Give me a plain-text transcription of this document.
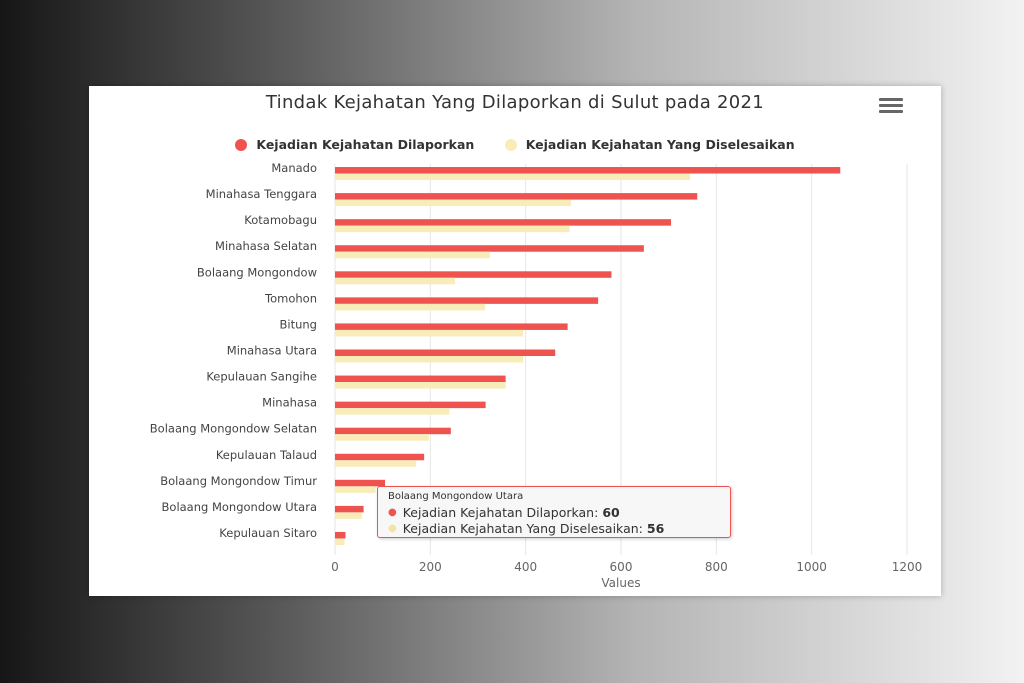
Tindak Kejahatan Yang Dilaporkan di Sulut pada 2021
Kejadian Kejahatan Dilaporkan
	Kejadian Kejahatan Yang Diselesaikan
0	200	400	600	800	1000	1200
Values
Manado
Minahasa Tenggara
Kotamobagu
Minahasa Selatan
Bolaang Mongondow
Tomohon
Bitung
Minahasa Utara
Kepulauan Sangihe
Minahasa
Bolaang Mongondow Selatan
Kepulauan Talaud
Bolaang Mongondow Timur
Bolaang Mongondow Utara
Kepulauan Sitaro
Bolaang Mongondow Utara
● Kejadian Kejahatan Dilaporkan : 60
● Kejadian Kejahatan Yang Diselesaikan : 56
